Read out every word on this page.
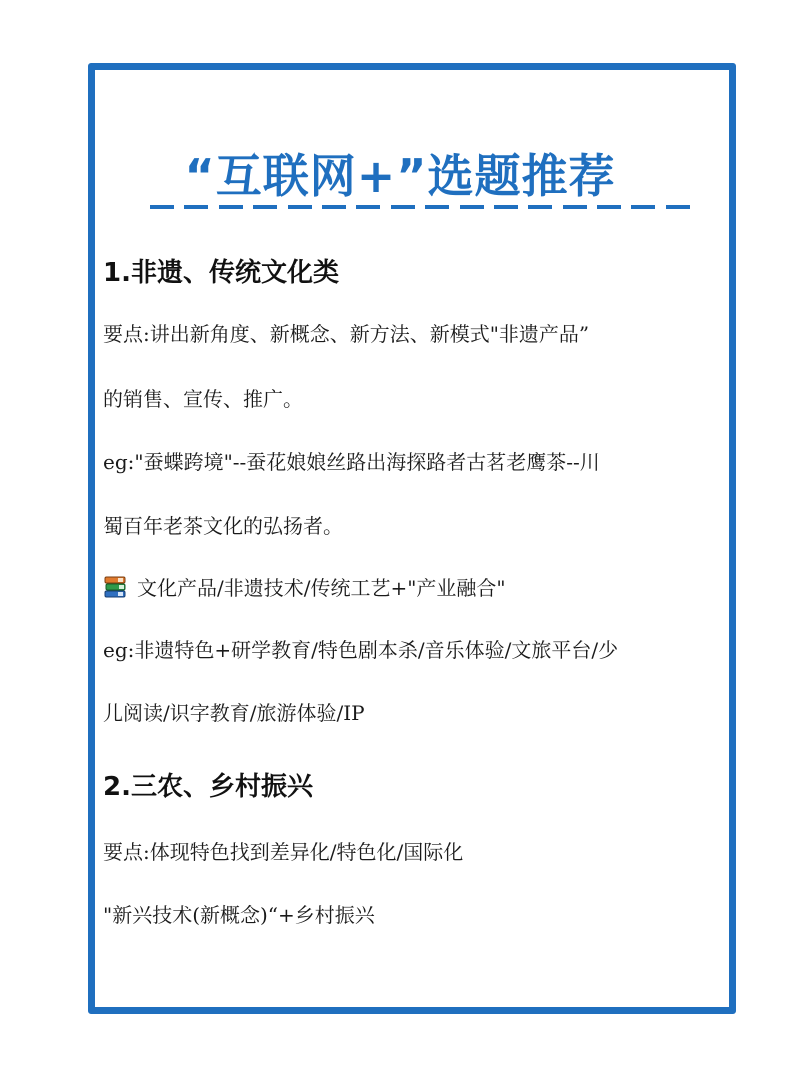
“互联网+”选题推荐
1.非遗、传统文化类
要点:讲出新角度、新概念、新方法、新模式"非遗产品”
的销售、宣传、推广。
eg:"蚕蝶跨境"--蚕花娘娘丝路出海探路者古茗老鹰茶--川
蜀百年老茶文化的弘扬者。
文化产品/非遗技术/传统工艺+"产业融合"
eg:非遗特色+研学教育/特色剧本杀/音乐体验/文旅平台/少
儿阅读/识字教育/旅游体验/IP
2.三农、乡村振兴
要点:体现特色找到差异化/特色化/国际化
"新兴技术(新概念)“+乡村振兴
